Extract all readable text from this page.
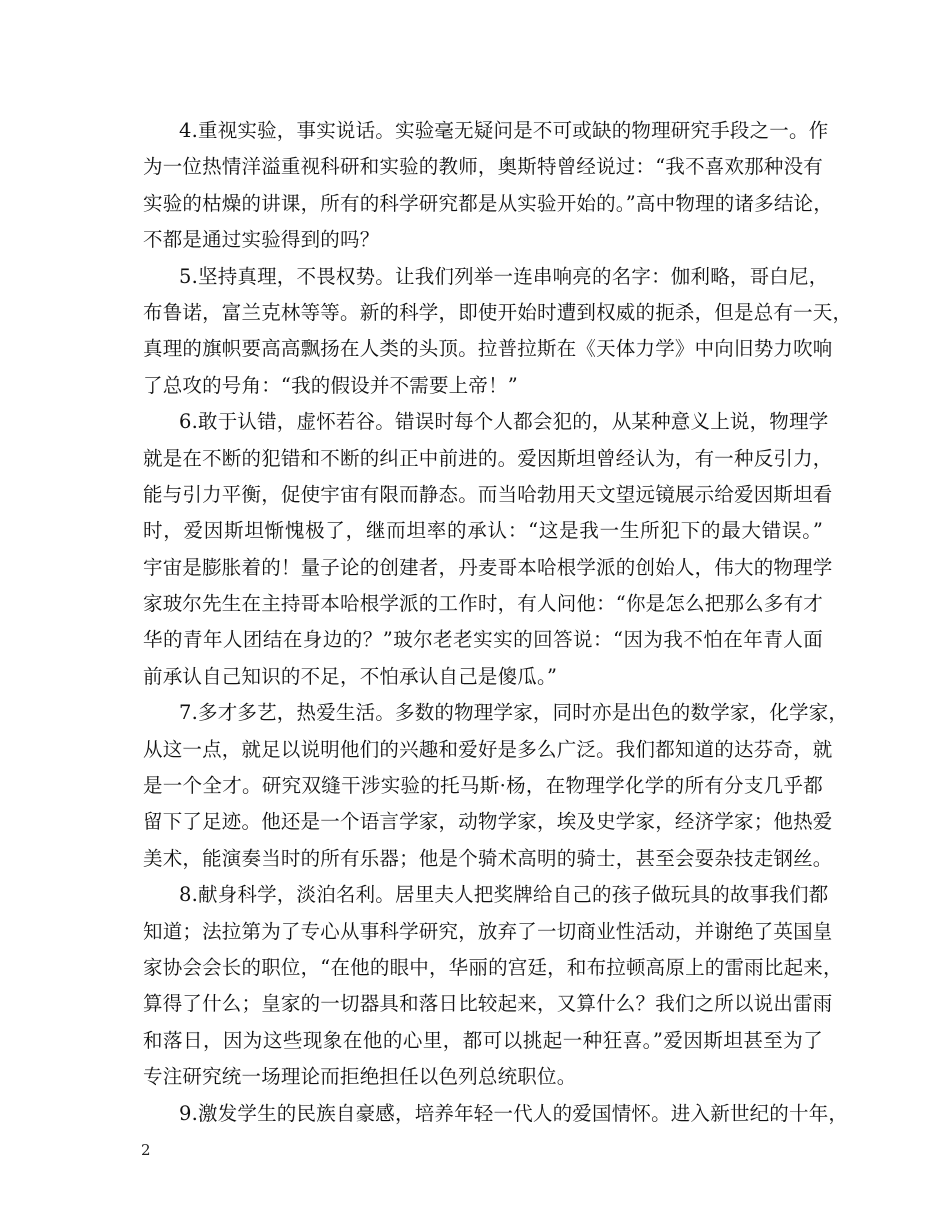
4.重视实验，事实说话。实验毫无疑问是不可或缺的物理研究手段之一。作
为一位热情洋溢重视科研和实验的教师，奥斯特曾经说过：“我不喜欢那种没有
实验的枯燥的讲课，所有的科学研究都是从实验开始的。”高中物理的诸多结论，
不都是通过实验得到的吗？
5.坚持真理，不畏权势。让我们列举一连串响亮的名字：伽利略，哥白尼，
布鲁诺，富兰克林等等。新的科学，即使开始时遭到权威的扼杀，但是总有一天，
真理的旗帜要高高飘扬在人类的头顶。拉普拉斯在《天体力学》中向旧势力吹响
了总攻的号角：“我的假设并不需要上帝！”
6.敢于认错，虚怀若谷。错误时每个人都会犯的，从某种意义上说，物理学
就是在不断的犯错和不断的纠正中前进的。爱因斯坦曾经认为，有一种反引力，
能与引力平衡，促使宇宙有限而静态。而当哈勃用天文望远镜展示给爱因斯坦看
时，爱因斯坦惭愧极了，继而坦率的承认：“这是我一生所犯下的最大错误。”
宇宙是膨胀着的！量子论的创建者，丹麦哥本哈根学派的创始人，伟大的物理学
家玻尔先生在主持哥本哈根学派的工作时，有人问他：“你是怎么把那么多有才
华的青年人团结在身边的？”玻尔老老实实的回答说：“因为我不怕在年青人面
前承认自己知识的不足，不怕承认自己是傻瓜。”
7.多才多艺，热爱生活。多数的物理学家，同时亦是出色的数学家，化学家，
从这一点，就足以说明他们的兴趣和爱好是多么广泛。我们都知道的达芬奇，就
是一个全才。研究双缝干涉实验的托马斯·杨，在物理学化学的所有分支几乎都
留下了足迹。他还是一个语言学家，动物学家，埃及史学家，经济学家；他热爱
美术，能演奏当时的所有乐器；他是个骑术高明的骑士，甚至会耍杂技走钢丝。
8.献身科学，淡泊名利。居里夫人把奖牌给自己的孩子做玩具的故事我们都
知道；法拉第为了专心从事科学研究，放弃了一切商业性活动，并谢绝了英国皇
家协会会长的职位，“在他的眼中，华丽的宫廷，和布拉顿高原上的雷雨比起来，
算得了什么；皇家的一切器具和落日比较起来，又算什么？我们之所以说出雷雨
和落日，因为这些现象在他的心里，都可以挑起一种狂喜。”爱因斯坦甚至为了
专注研究统一场理论而拒绝担任以色列总统职位。
9.激发学生的民族自豪感，培养年轻一代人的爱国情怀。进入新世纪的十年，
2
